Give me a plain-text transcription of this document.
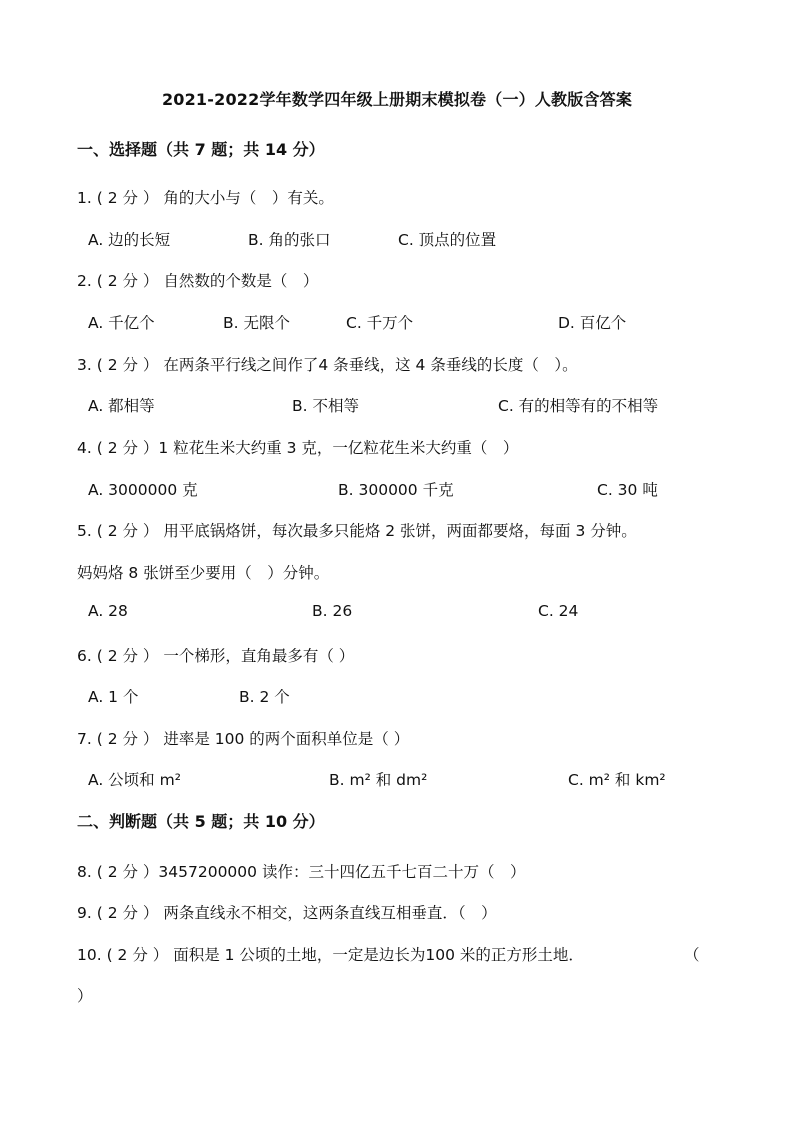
2021-2022学年数学四年级上册期末模拟卷（一）人教版含答案
一、选择题（共 7 题；共 14 分）
1. ( 2 分 ） 角的大小与（　）有关。
A. 边的长短	B. 角的张口	C. 顶点的位置
2. ( 2 分 ） 自然数的个数是（　）
A. 千亿个	B. 无限个	C. 千万个	D. 百亿个
3. ( 2 分 ） 在两条平行线之间作了4 条垂线，这 4 条垂线的长度（　）。
A. 都相等	B. 不相等	C. 有的相等有的不相等
4. ( 2 分 ）1 粒花生米大约重 3 克，一亿粒花生米大约重（　）
A. 3000000 克	B. 300000 千克	C. 30 吨
5. ( 2 分 ） 用平底锅烙饼，每次最多只能烙 2 张饼，两面都要烙，每面 3 分钟。
妈妈烙 8 张饼至少要用（　）分钟。
A. 28	B. 26	C. 24
6. ( 2 分 ） 一个梯形，直角最多有（ ）
A. 1 个	B. 2 个
7. ( 2 分 ） 进率是 100 的两个面积单位是（ ）
A. 公顷和 m²	B. m² 和 dm²	C. m² 和 km²
二、判断题（共 5 题；共 10 分）
8. ( 2 分 ）3457200000 读作：三十四亿五千七百二十万（　）
9. ( 2 分 ） 两条直线永不相交，这两条直线互相垂直．（　）
10. ( 2 分 ） 面积是 1 公顷的土地，一定是边长为100 米的正方形土地．	（
）
